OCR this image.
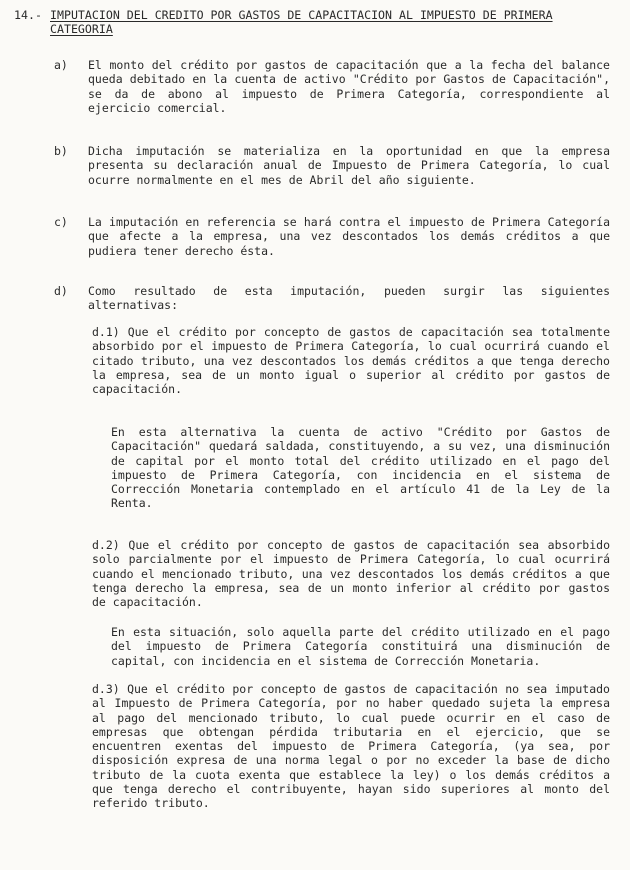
14.- IMPUTACION DEL CREDITO POR GASTOS DE CAPACITACION AL IMPUESTO DE PRIMERA CATEGORIA
a) El monto del crédito por gastos de capacitación que a la fecha del balance queda debitado en la cuenta de activo "Crédito por Gastos de Capacitación", se da de abono al impuesto de Primera Categoría, correspondiente al ejercicio comercial.
b) Dicha imputación se materializa en la oportunidad en que la empresa presenta su declaración anual de Impuesto de Primera Categoría, lo cual ocurre normalmente en el mes de Abril del año siguiente.
c) La imputación en referencia se hará contra el impuesto de Primera Categoría que afecte a la empresa, una vez descontados los demás créditos a que pudiera tener derecho ésta.
d) Como resultado de esta imputación, pueden surgir las siguientes alternativas:
d.1) Que el crédito por concepto de gastos de capacitación sea totalmente absorbido por el impuesto de Primera Categoría, lo cual ocurrirá cuando el citado tributo, una vez descontados los demás créditos a que tenga derecho la empresa, sea de un monto igual o superior al crédito por gastos de capacitación.
En esta alternativa la cuenta de activo "Crédito por Gastos de Capacitación" quedará saldada, constituyendo, a su vez, una disminución de capital por el monto total del crédito utilizado en el pago del impuesto de Primera Categoría, con incidencia en el sistema de Corrección Monetaria contemplado en el artículo 41 de la Ley de la Renta.
d.2) Que el crédito por concepto de gastos de capacitación sea absorbido solo parcialmente por el impuesto de Primera Categoría, lo cual ocurrirá cuando el mencionado tributo, una vez descontados los demás créditos a que tenga derecho la empresa, sea de un monto inferior al crédito por gastos de capacitación.
En esta situación, solo aquella parte del crédito utilizado en el pago del impuesto de Primera Categoría constituirá una disminución de capital, con incidencia en el sistema de Corrección Monetaria.
d.3) Que el crédito por concepto de gastos de capacitación no sea imputado al Impuesto de Primera Categoría, por no haber quedado sujeta la empresa al pago del mencionado tributo, lo cual puede ocurrir en el caso de empresas que obtengan pérdida tributaria en el ejercicio, que se encuentren exentas del impuesto de Primera Categoría, (ya sea, por disposición expresa de una norma legal o por no exceder la base de dicho tributo de la cuota exenta que establece la ley) o los demás créditos a que tenga derecho el contribuyente, hayan sido superiores al monto del referido tributo.
